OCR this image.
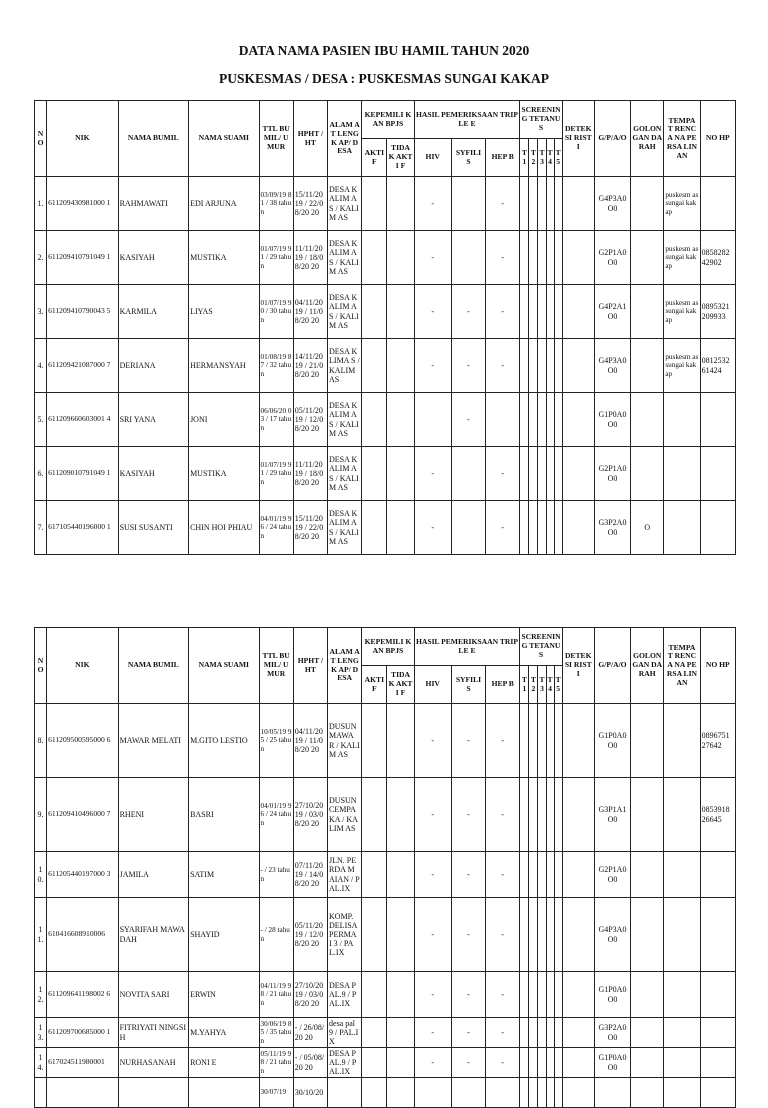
DATA NAMA PASIEN IBU HAMIL TAHUN 2020
PUSKESMAS / DESA : PUSKESMAS SUNGAI KAKAP
N O	NIK	NAMA BUMIL	NAMA SUAMI	TTL BUMIL/ UMUR	HPHT / HT	ALAM AT LENGK AP/ DESA	KEPEMILI KAN BPJS		HASIL PEMERIKSAAN TRIPLE E			SCREENIN G TETANUS					DETEK SI RISTI	G/P/A/O	GOLON GAN DARAH	TEMPA T RENCA NA PERSA LINAN	NO HP
							AKTI F	TIDA K AKTI F	HIV	SYFILI S	HEP B	T 1	T 2	T 3	T 4	T 5					
1.	611209430981000 1	RAHMAWATI	EDI ARJUNA	03/09/19 81 / 38 tahun	15/11/20 19 / 22/08/20 20	DESA KALIM AS / KALIM AS			-		-							G4P3A0 O0		puskesm as sungai kakap	
2.	611209410791049 1	KASIYAH	MUSTIKA	01/07/19 91 / 29 tahun	11/11/20 19 / 18/08/20 20	DESA KALIM AS / KALIM AS			-		-							G2P1A0 O0		puskesm as sungai kakap	0858282 42902
3.	611209410790043 5	KARMILA	LIYAS	01/07/19 90 / 30 tahun	04/11/20 19 / 11/08/20 20	DESA KALIM AS / KALIM AS			-	-	-							G4P2A1 O0		puskesm as sungai kakap	0895321 209933
4.	611209421087000 7	DERIANA	HERMANSYAH	01/08/19 87 / 32 tahun	14/11/20 19 / 21/08/20 20	DESA KLIMA S / KALIM AS			-	-	-							G4P3A0 O0		puskesm as sungai kakap	0812532 61424
5.	611209660603001 4	SRI YANA	JONI	06/06/20 03 / 17 tahun	05/11/20 19 / 12/08/20 20	DESA KALIM AS / KALIM AS				-								G1P0A0 O0			
6.	611209010791049 1	KASIYAH	MUSTIKA	01/07/19 91 / 29 tahun	11/11/20 19 / 18/08/20 20	DESA KALIM AS / KALIM AS			-		-							G2P1A0 O0			
7.	617105440196000 1	SUSI SUSANTI	CHIN HOI PHIAU	04/01/19 96 / 24 tahun	15/11/20 19 / 22/08/20 20	DESA KALIM AS / KALIM AS			-		-							G3P2A0 O0	O		
N O	NIK	NAMA BUMIL	NAMA SUAMI	TTL BUMIL/ UMUR	HPHT / HT	ALAM AT LENGK AP/ DESA	KEPEMILI KAN BPJS		HASIL PEMERIKSAAN TRIPLE E			SCREENIN G TETANUS					DETEK SI RISTI	G/P/A/O	GOLON GAN DARAH	TEMPA T RENCA NA PERSA LINAN	NO HP
							AKTI F	TIDA K AKTI F	HIV	SYFILI S	HEP B	T 1	T 2	T 3	T 4	T 5					
8.	611209500595000 6	MAWAR MELATI	M.GITO LESTIO	10/05/19 95 / 25 tahun	04/11/20 19 / 11/08/20 20	DUSUN MAWA R / KALIM AS			-	-	-							G1P0A0 O0			0896751 27642
9.	611209410496000 7	RHENI	BASRI	04/01/19 96 / 24 tahun	27/10/20 19 / 03/08/20 20	DUSUN CEMPA KA / KALIM AS			-	-	-							G3P1A1 O0			0853918 26645
10.	611205440197000 3	JAMILA	SATIM	- / 23 tahun	07/11/20 19 / 14/08/20 20	JLN. PERDA MAIAN / PAL.IX			-	-	-							G2P1A0 O0			
11.	610416608910006	SYARIFAH MAWADAH	SHAYID	- / 28 tahun	05/11/20 19 / 12/08/20 20	KOMP. DELISA PERMA I 3 / PAL.IX			-	-	-							G4P3A0 O0			
12.	611209641198002 6	NOVITA SARI	ERWIN	04/11/19 98 / 21 tahun	27/10/20 19 / 03/08/20 20	DESA PAL.9 / PAL.IX			-	-	-							G1P0A0 O0			
13.	611209700685000 1	FITRIYATI NINGSIH	M.YAHYA	30/06/19 85 / 35 tahun	- / 26/08/20 20	desa pal 9 / PAL.IX			-	-	-							G3P2A0 O0			
14.	617024511980001	NURHASANAH	RONI E	05/11/19 98 / 21 tahun	- / 05/08/20 20	DESA PAL.9 / PAL.IX			-	-	-							G1P0A0 O0			
				30/07/19	30/10/20																
